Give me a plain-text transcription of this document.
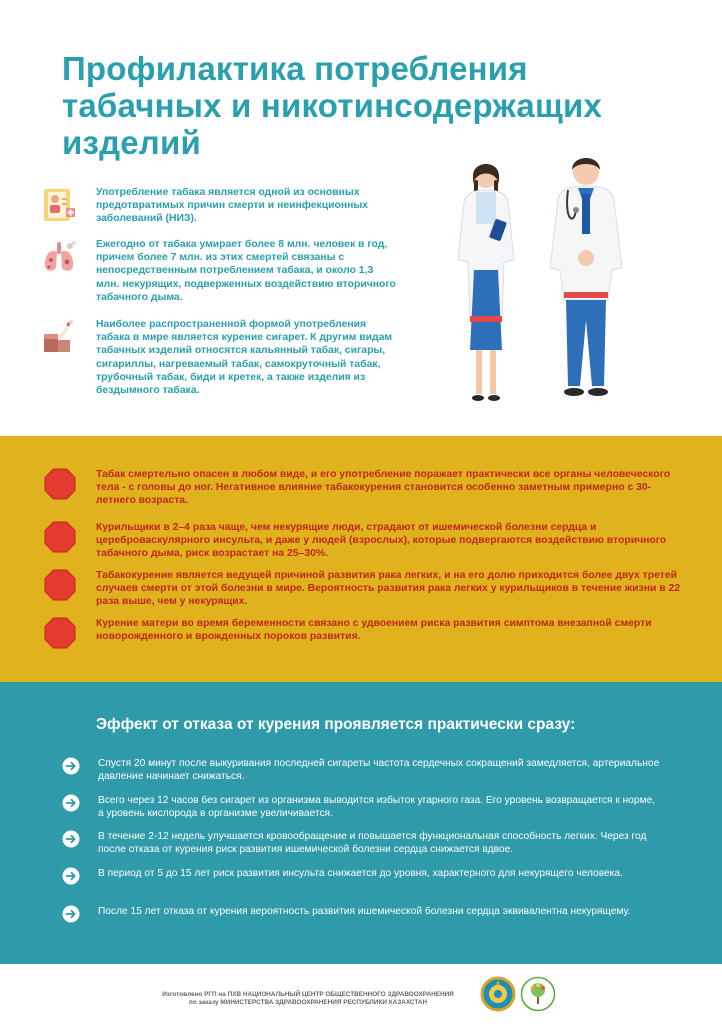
Профилактика потребления табачных и никотинсодержащих изделий
Употребление табака является одной из основных предотвратимых причин смерти и неинфекционных заболеваний (НИЗ).
Ежегодно от табака умирает более 8 млн. человек в год, причем более 7 млн. из этих смертей связаны с непосредственным потреблением табака, и около 1,3 млн. некурящих, подверженных воздействию вторичного табачного дыма.
Наиболее распространенной формой употребления табака в мире является курение сигарет. К другим видам табачных изделий относятся кальянный табак, сигары, сигариллы, нагреваемый табак, самокруточный табак, трубочный табак, биди и кретек, а также изделия из бездымного табака.
Табак смертельно опасен в любом виде, и его употребление поражает практически все органы человеческого тела - с головы до ног. Негативное влияние табакокурения становится особенно заметным примерно с 30-летнего возраста.
Курильщики в 2–4 раза чаще, чем некурящие люди, страдают от ишемической болезни сердца и цереброваскулярного инсульта, и даже у людей (взрослых), которые подвергаются воздействию вторичного табачного дыма, риск возрастает на 25–30%.
Табакокурение является ведущей причиной развития рака легких, и на его долю приходится более двух третей случаев смерти от этой болезни в мире. Вероятность развития рака легких у курильщиков в течение жизни в 22 раза выше, чем у некурящих.
Курение матери во время беременности связано с удвоением риска развития симптома внезапной смерти новорожденного и врожденных пороков развития.
Эффект от отказа от курения проявляется практически сразу:
Спустя 20 минут после выкуривания последней сигареты частота сердечных сокращений замедляется, артериальное давление начинает снижаться.
Всего через 12 часов без сигарет из организма выводится избыток угарного газа. Его уровень возвращается к норме, а уровень кислорода в организме увеличивается.
В течение 2-12 недель улучшается кровообращение и повышается функциональная способность легких. Через год после отказа от курения риск развития ишемической болезни сердца снижается вдвое.
В период от 5 до 15 лет риск развития инсульта снижается до уровня, характерного для некурящего человека.
После 15 лет отказа от курения вероятность развития ишемической болезни сердца эквивалентна некурящему.
Изготовлено РГП на ПХВ НАЦИОНАЛЬНЫЙ ЦЕНТР ОБЩЕСТВЕННОГО ЗДРАВООХРАНЕНИЯ
по заказу МИНИСТЕРСТВА ЗДРАВООХРАНЕНИЯ РЕСПУБЛИКИ КАЗАХСТАН
